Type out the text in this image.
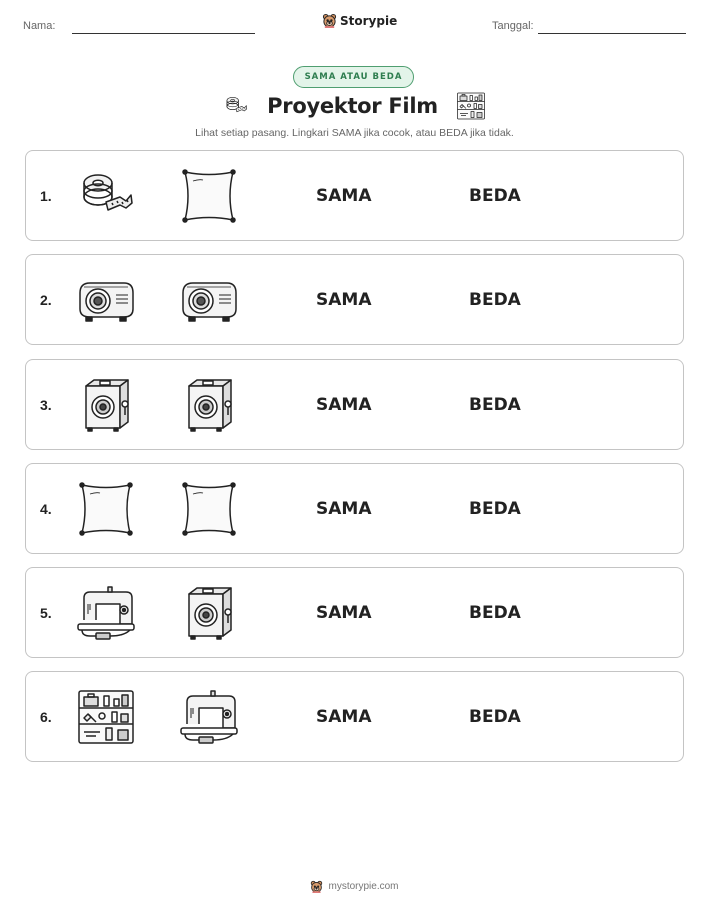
Nama:	Storypie	Tanggal:
SAMA ATAU BEDA
Proyektor Film
Lihat setiap pasang. Lingkari SAMA jika cocok, atau BEDA jika tidak.
1.	SAMA	BEDA
2.	SAMA	BEDA
3.	SAMA	BEDA
4.	SAMA	BEDA
5.	SAMA	BEDA
6.	SAMA	BEDA
mystorypie.com
